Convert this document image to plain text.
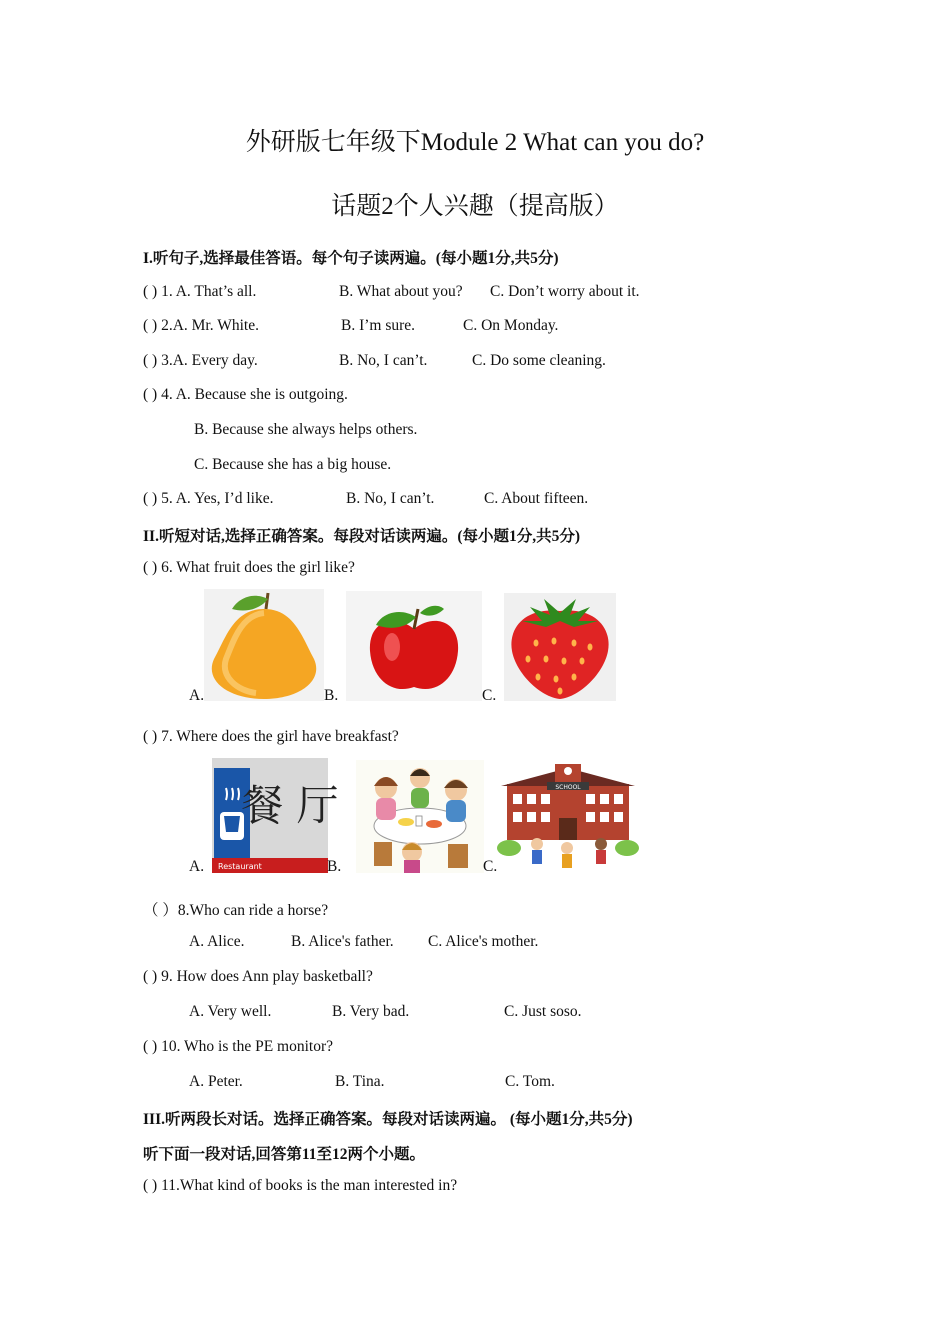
外研版七年级下Module 2 What can you do?
话题2个人兴趣（提高版）
I.听句子,选择最佳答语。每个句子读两遍。(每小题1分,共5分)
( ) 1. A. That’s all.	B. What about you? C. Don’t worry about it.
( ) 2.A. Mr. White.	B. I’m sure.	C. On Monday.
( ) 3.A. Every day.	B. No, I can’t.	C. Do some cleaning.
( ) 4. A. Because she is outgoing.
B. Because she always helps others.
C. Because she has a big house.
( ) 5. A. Yes, I’d like.	B. No, I can’t.	C. About fifteen.
II.听短对话,选择正确答案。每段对话读两遍。(每小题1分,共5分)
( ) 6. What fruit does the girl like?
A.	B.	C.
( ) 7. Where does the girl have breakfast?
餐 厅
Restaurant
A.	B.
SCHOOL
C.
（ ）8.Who can ride a horse?
A. Alice.	B. Alice's father. C. Alice's mother.
( ) 9. How does Ann play basketball?
A. Very well.	B. Very bad.	C. Just soso.
( ) 10. Who is the PE monitor?
A. Peter.	B. Tina.	C. Tom.
III.听两段长对话。选择正确答案。每段对话读两遍。 (每小题1分,共5分)
听下面一段对话,回答第11至12两个小题。
( ) 11.What kind of books is the man interested in?
